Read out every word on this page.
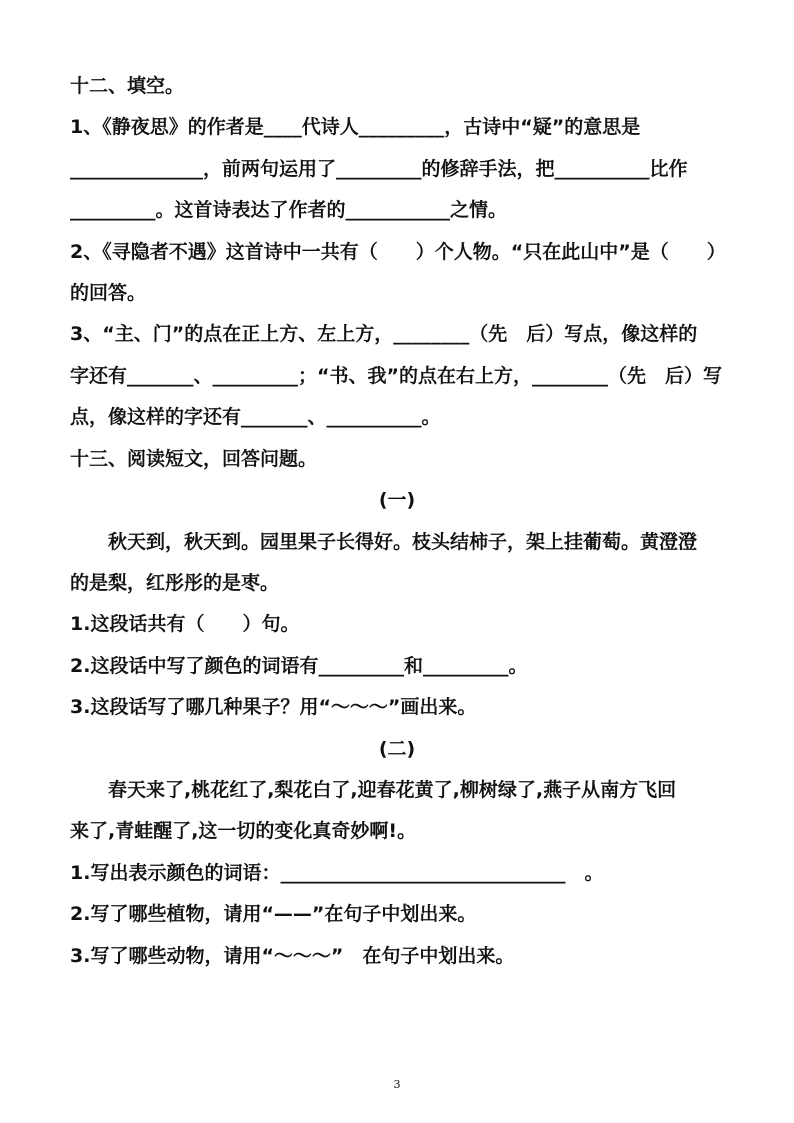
十二、填空。
1、《静夜思》的作者是____代诗人_________，古诗中“疑”的意思是
______________，前两句运用了_________的修辞手法，把__________比作
_________。这首诗表达了作者的___________之情。
2、《寻隐者不遇》这首诗中一共有（　　）个人物。“只在此山中”是（　　）
的回答。
3、“主、门”的点在正上方、左上方，________（先　后）写点，像这样的
字还有_______、_________；“书、我”的点在右上方，________（先　后）写
点，像这样的字还有_______、__________。
十三、阅读短文，回答问题。
(一)
　　秋天到，秋天到。园里果子长得好。枝头结柿子，架上挂葡萄。黄澄澄
的是梨，红彤彤的是枣。
1.这段话共有（　　）句。
2.这段话中写了颜色的词语有_________和_________。
3.这段话写了哪几种果子？用“～～～”画出来。
(二)
　　春天来了,桃花红了,梨花白了,迎春花黄了,柳树绿了,燕子从南方飞回
来了,青蛙醒了,这一切的变化真奇妙啊!。
1.写出表示颜色的词语：______________________________　。
2.写了哪些植物，请用“——”在句子中划出来。
3.写了哪些动物，请用“～～～”　在句子中划出来。
3
